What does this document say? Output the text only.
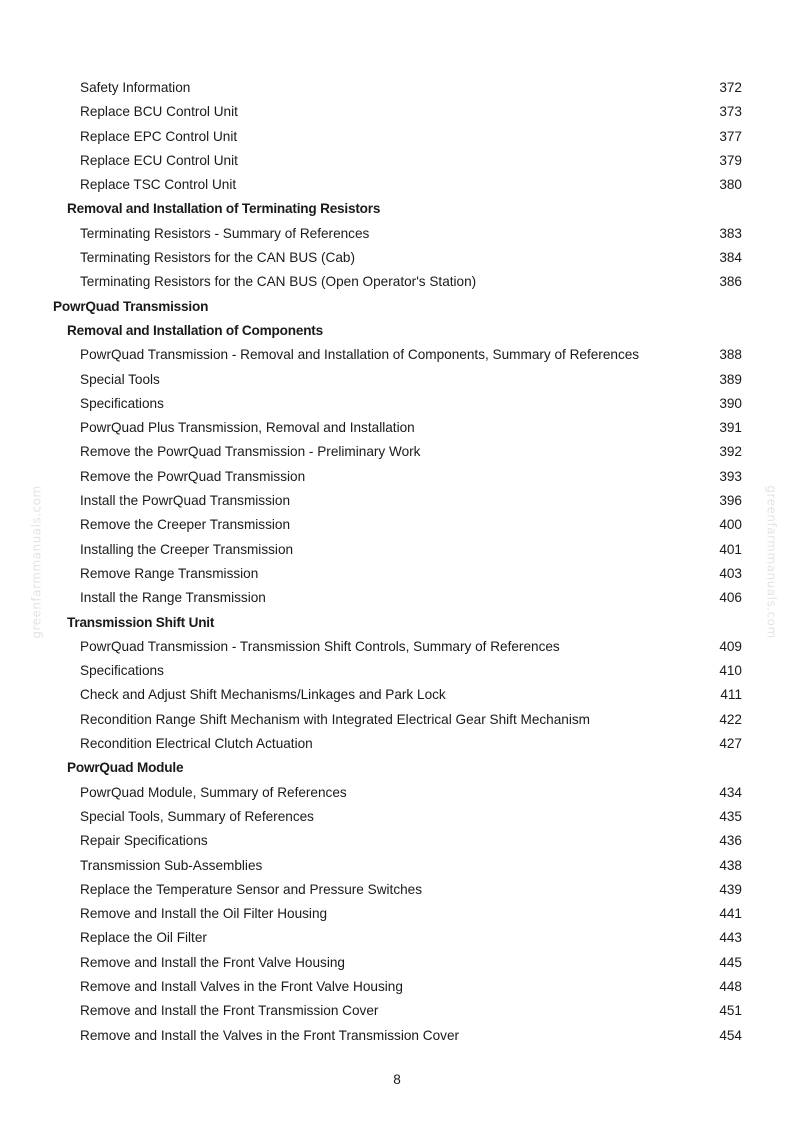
Safety Information	372
Replace BCU Control Unit	373
Replace EPC Control Unit	377
Replace ECU Control Unit	379
Replace TSC Control Unit	380
Removal and Installation of Terminating Resistors
Terminating Resistors - Summary of References	383
Terminating Resistors for the CAN BUS (Cab)	384
Terminating Resistors for the CAN BUS (Open Operator's Station)	386
PowrQuad Transmission
Removal and Installation of Components
PowrQuad Transmission - Removal and Installation of Components, Summary of References	388
Special Tools	389
Specifications	390
PowrQuad Plus Transmission, Removal and Installation	391
Remove the PowrQuad Transmission - Preliminary Work	392
Remove the PowrQuad Transmission	393
Install the PowrQuad Transmission	396
Remove the Creeper Transmission	400
Installing the Creeper Transmission	401
Remove Range Transmission	403
Install the Range Transmission	406
Transmission Shift Unit
PowrQuad Transmission - Transmission Shift Controls, Summary of References	409
Specifications	410
Check and Adjust Shift Mechanisms/Linkages and Park Lock	411
Recondition Range Shift Mechanism with Integrated Electrical Gear Shift Mechanism	422
Recondition Electrical Clutch Actuation	427
PowrQuad Module
PowrQuad Module, Summary of References	434
Special Tools, Summary of References	435
Repair Specifications	436
Transmission Sub-Assemblies	438
Replace the Temperature Sensor and Pressure Switches	439
Remove and Install the Oil Filter Housing	441
Replace the Oil Filter	443
Remove and Install the Front Valve Housing	445
Remove and Install Valves in the Front Valve Housing	448
Remove and Install the Front Transmission Cover	451
Remove and Install the Valves in the Front Transmission Cover	454
8
greenfarmmanuals.com	greenfarmmanuals.com
